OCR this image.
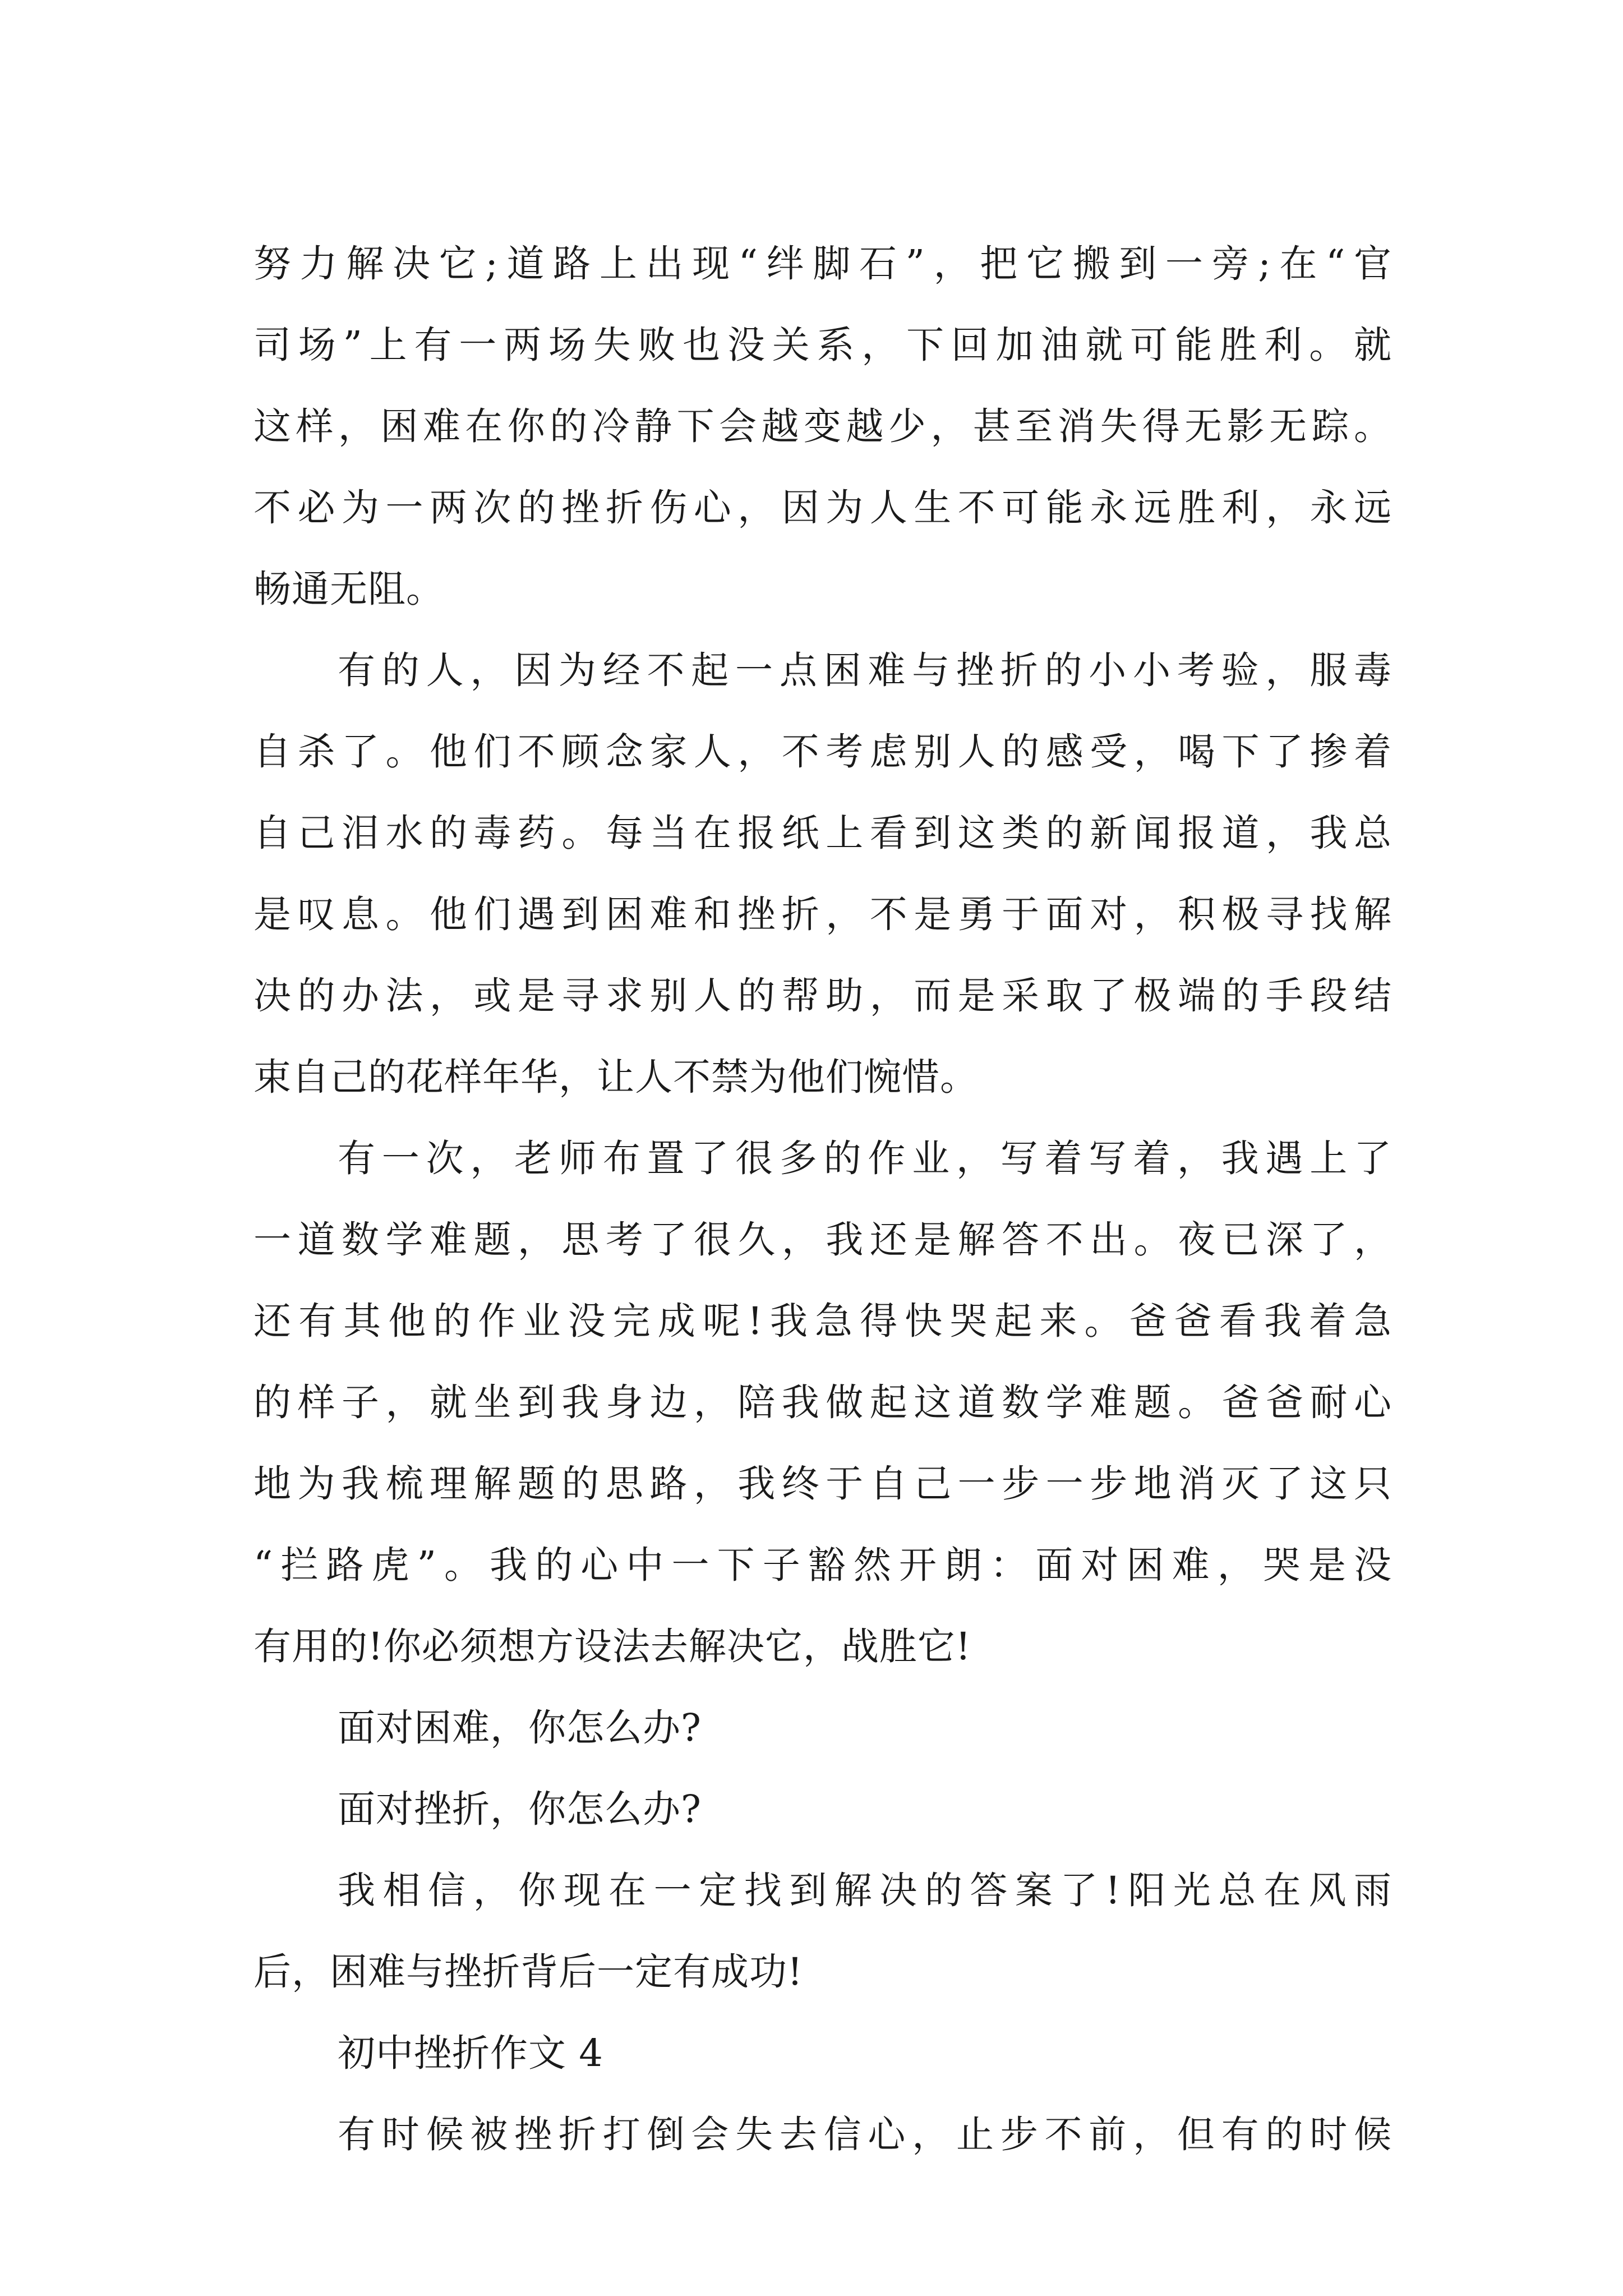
努力解决它;道路上出现“绊脚石”，把它搬到一旁;在“官
司场”上有一两场失败也没关系，下回加油就可能胜利。就
这样，困难在你的冷静下会越变越少，甚至消失得无影无踪。
不必为一两次的挫折伤心，因为人生不可能永远胜利，永远
畅通无阻。
有的人，因为经不起一点困难与挫折的小小考验，服毒
自杀了。他们不顾念家人，不考虑别人的感受，喝下了掺着
自己泪水的毒药。每当在报纸上看到这类的新闻报道，我总
是叹息。他们遇到困难和挫折，不是勇于面对，积极寻找解
决的办法，或是寻求别人的帮助，而是采取了极端的手段结
束自己的花样年华，让人不禁为他们惋惜。
有一次，老师布置了很多的作业，写着写着，我遇上了
一道数学难题，思考了很久，我还是解答不出。夜已深了，
还有其他的作业没完成呢!我急得快哭起来。爸爸看我着急
的样子，就坐到我身边，陪我做起这道数学难题。爸爸耐心
地为我梳理解题的思路，我终于自己一步一步地消灭了这只
“拦路虎”。我的心中一下子豁然开朗：面对困难，哭是没
有用的!你必须想方设法去解决它，战胜它!
面对困难，你怎么办?
面对挫折，你怎么办?
我相信，你现在一定找到解决的答案了!阳光总在风雨
后，困难与挫折背后一定有成功!
初中挫折作文 4
有时候被挫折打倒会失去信心，止步不前，但有的时候
